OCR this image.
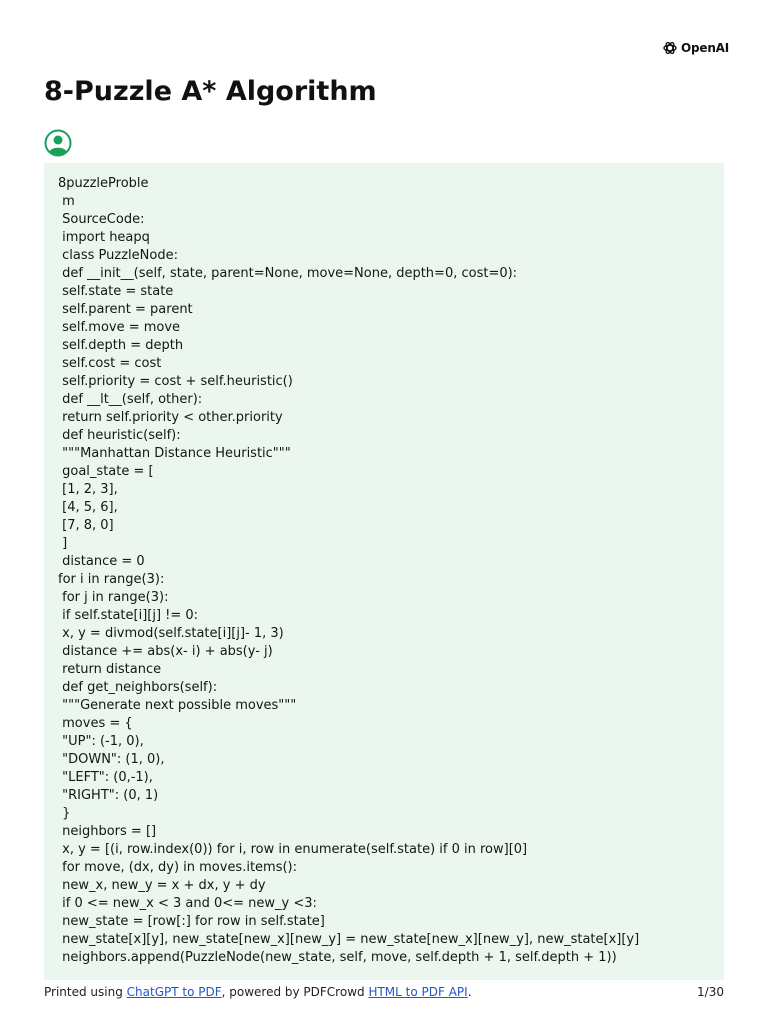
OpenAI
8-Puzzle A* Algorithm
8puzzleProble
m
SourceCode:
import heapq
class PuzzleNode:
def __init__(self, state, parent=None, move=None, depth=0, cost=0):
self.state = state
self.parent = parent
self.move = move
self.depth = depth
self.cost = cost
self.priority = cost + self.heuristic()
def __lt__(self, other):
return self.priority < other.priority
def heuristic(self):
"""Manhattan Distance Heuristic"""
goal_state = [
[1, 2, 3],
[4, 5, 6],
[7, 8, 0]
]
distance = 0
for i in range(3):
for j in range(3):
if self.state[i][j] != 0:
x, y = divmod(self.state[i][j]- 1, 3)
distance += abs(x- i) + abs(y- j)
return distance
def get_neighbors(self):
"""Generate next possible moves"""
moves = {
"UP": (-1, 0),
"DOWN": (1, 0),
"LEFT": (0,-1),
"RIGHT": (0, 1)
}
neighbors = []
x, y = [(i, row.index(0)) for i, row in enumerate(self.state) if 0 in row][0]
for move, (dx, dy) in moves.items():
new_x, new_y = x + dx, y + dy
if 0 <= new_x < 3 and 0<= new_y <3:
new_state = [row[:] for row in self.state]
new_state[x][y], new_state[new_x][new_y] = new_state[new_x][new_y], new_state[x][y]
neighbors.append(PuzzleNode(new_state, self, move, self.depth + 1, self.depth + 1))
Printed using ChatGPT to PDF, powered by PDFCrowd HTML to PDF API.	1/30
